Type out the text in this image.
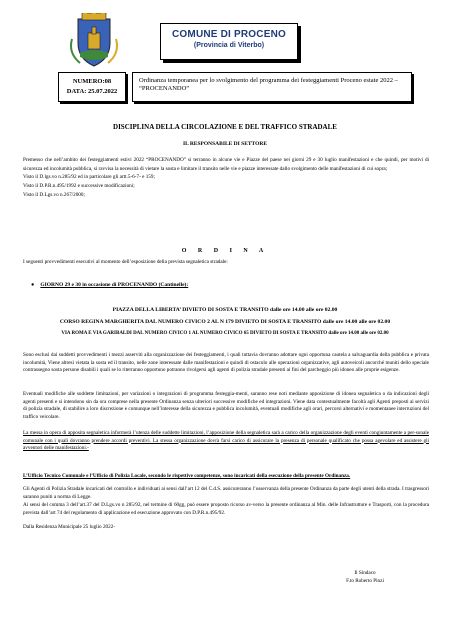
COMUNE DI PROCENO
(Provincia di Viterbo)
NUMERO:08
DATA: 25.07.2022
Ordinanza temporanea per lo svolgimento del programma dei festeggiamenti Proceno estate 2022 – “PROCENANDO”
DISCIPLINA DELLA CIRCOLAZIONE E DEL TRAFFICO STRADALE
IL RESPONSABILE DI SETTORE

Premesso che nell’ambito dei festeggiamenti estivi 2022 “PROCENANDO” si terranno in alcune vie e Piazze del paese nei giorni 29 e 30 luglio manifestazioni e che quindi, per motivi di sicurezza ed incolumità pubblica, si ravvisa la necessità di vietare la sosta e limitare il transito nelle vie e piazze interessate dallo svolgimento delle manifestazioni di cui sopra;

Visto il D.lgs.vo n.285/92 ed in particolare gli artt.5-6-7- e 159;

Visto il D.P.R.n.495/1992 e successive modificazioni;

Visto il D.Lgs.vo n.267/2000;

O R D I N A
I seguenti provvedimenti esecutivi al momento dell’esposizione della prevista segnaletica stradale:
● GIORNO 29 e 30 in occasione di PROCENANDO (Cantinelle):
PIAZZA DELLA LIBERTA’ DIVIETO DI SOSTA E TRANSITO dalle ore 14.00 alle ore 02.00
CORSO REGINA MARGHERITA DAL NUMERO CIVICO 2 AL N 179 DIVIETO DI SOSTA E TRANSITO dalle ore 14.00 alle ore 02.00
VIA ROMA E VIA GARIBALDI DAL NUMERO CIVICO 1 AL NUMERO CIVICO 65 DIVIETO DI SOSTA E TRANSITO dalle ore 14.00 alle ore 02.00
Sono esclusi dai suddetti provvedimenti i mezzi asserviti alla organizzazione dei festeggiamenti, i quali tuttavia dovranno adottare ogni opportuna cautela a salvaguardia della pubblica e privata incolumità, Viene altresì vietata la sosta ed il transito, nelle zone interessate dalle manifestazioni e quindi di ostacolo alle operazioni organizzative, agli autoveicoli ancorché muniti dello speciale contrassegno sosta persone disabili i quali se lo riterranno opportuno potranno rivolgersi agli agenti di polizia stradale presenti ai fini del parcheggio più idoneo alle proprie esigenze.
Eventuali modifiche alle suddette limitazioni, per variazioni o integrazioni di programma festeggia-menti, saranno rese noti mediante apposizione di idonea segnaletica o da indicazioni degli agenti presenti e si intendono sin da ora comprese nella presente Ordinanza senza ulteriori successive modifiche ed integrazioni. Viene data contestualmente facoltà agli Agenti preposti ai servizi di polizia stradale, di stabilire a loro discrezione e comunque nell’interesse della sicurezza e pubblica incolumità, eventuali modifiche agli orari, percorsi alternativi e momentanee interruzioni del traffico veicolare.
La messa in opera di apposita segnaletica informerà l’utenza delle suddette limitazioni, l’apposizione della segnaletica sarà a carico della organizzazione degli eventi congiuntamente a per-sonale comunale con i quali dovranno prendere accordi preventivi. La stessa organizzazione dovrà farsi carico di assicurare la presenza di personale qualificato che possa agevolare ed assistere gli avventori delle manifestazioni.-
L’Ufficio Tecnico Comunale e l’Ufficio di Polizia Locale, secondo le rispettive competenze, sono incaricati della esecuzione della presente Ordinanza.
Gli Agenti di Polizia Stradale incaricati del controllo e individuati ai sensi dall’art 12 del C.d.S. assicureranno l’osservanza della presente Ordinanza da parte degli utenti della strada. I trasgressori saranno puniti a norma di Legge.
Ai sensi del comma 3 dell’art.37 del D.Lgs.vo n 285/92, nel termine di 60gg, può essere proposto ricorso av-verso la presente ordinanza al Min. delle Infrastrutture e Trasporti, con la procedura prevista dall’art 74 del regolamento di applicazione ed esecuzione approvato con D.P.R.n.495/92.
Dalla Residenza Municipale 25 luglio 2022-
Il Sindaco
F.to Roberto Pinzi
